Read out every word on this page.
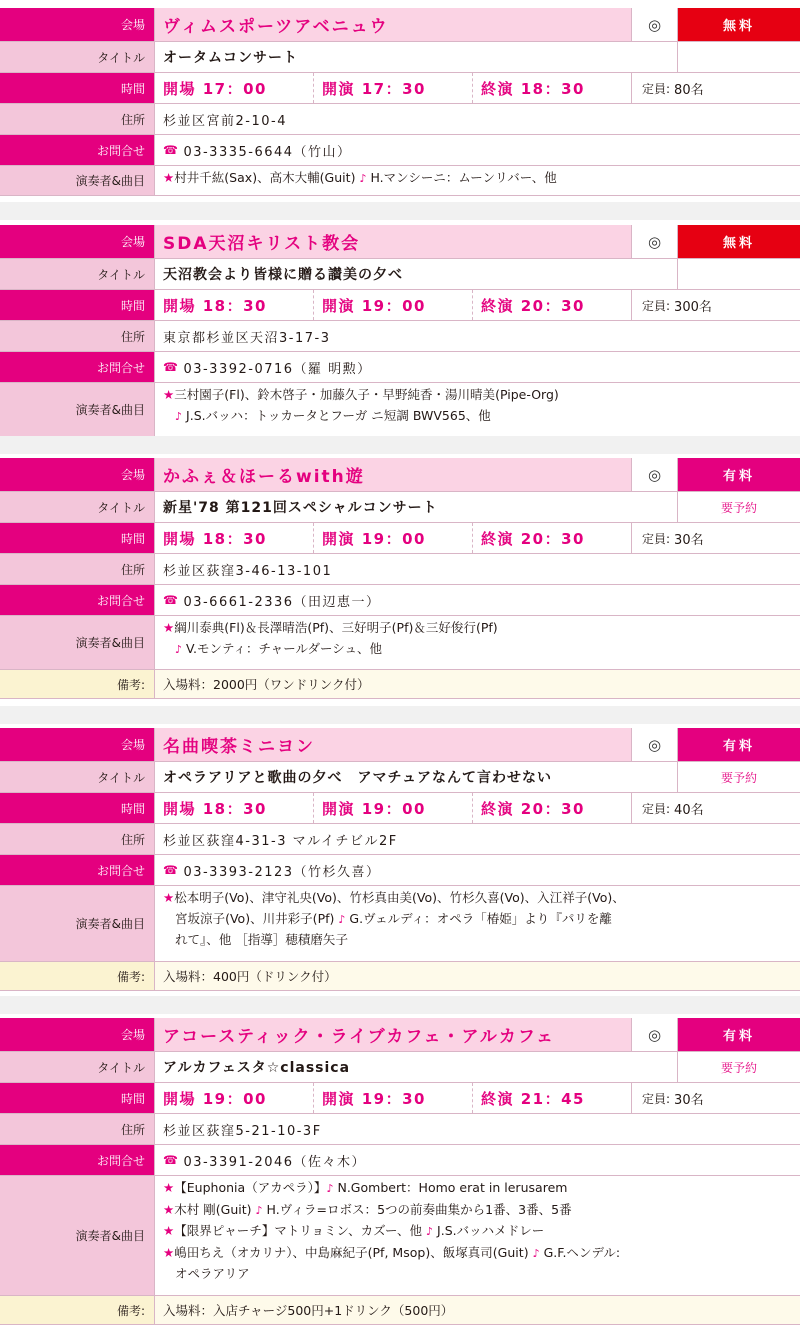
会場	ヴィムスポーツアベニュウ	◎	無料
タイトル	オータムコンサート
時間	開場 17：00	開演 17：30	終演 18：30	定員: 80名
住所	杉並区宮前2-10-4
お問合せ	☎ 03-3335-6644（竹山）
演奏者&曲目	★村井千紘(Sax)、高木大輔(Guit) ♪ H.マンシーニ：ムーンリバー、他
会場	SDA天沼キリスト教会	◎	無料
タイトル	天沼教会より皆様に贈る讃美の夕べ
時間	開場 18：30	開演 19：00	終演 20：30	定員: 300名
住所	東京都杉並区天沼3-17-3
お問合せ	☎ 03-3392-0716（羅 明勲）
演奏者&曲目
★三村園子(Fl)、鈴木啓子・加藤久子・早野純香・湯川晴美(Pipe-Org)
♪ J.S.バッハ：トッカータとフーガ ニ短調 BWV565、他
会場	かふぇ＆ほーるwith遊	◎	有料
タイトル	新星'78 第121回スペシャルコンサート	要予約
時間	開場 18：30	開演 19：00	終演 20：30	定員: 30名
住所	杉並区荻窪3-46-13-101
お問合せ	☎ 03-6661-2336（田辺恵一）
演奏者&曲目
★綱川泰典(Fl)＆長澤晴浩(Pf)、三好明子(Pf)＆三好俊行(Pf)
♪ V.モンティ：チャールダーシュ、他
備考:	入場料：2000円（ワンドリンク付）
会場	名曲喫茶ミニヨン	◎	有料
タイトル	オペラアリアと歌曲の夕べ　アマチュアなんて言わせない	要予約
時間	開場 18：30	開演 19：00	終演 20：30	定員: 40名
住所	杉並区荻窪4-31-3 マルイチビル2F
お問合せ	☎ 03-3393-2123（竹杉久喜）
演奏者&曲目
★松本明子(Vo)、津守礼央(Vo)、竹杉真由美(Vo)、竹杉久喜(Vo)、入江祥子(Vo)、
宮坂涼子(Vo)、川井彩子(Pf) ♪ G.ヴェルディ：オペラ「椿姫」より『パリを離
れて』、他 ［指導］穂積磨矢子
備考:	入場料：400円（ドリンク付）
会場	アコースティック・ライブカフェ・アルカフェ	◎	有料
タイトル	アルカフェスタ☆classica	要予約
時間	開場 19：00	開演 19：30	終演 21：45	定員: 30名
住所	杉並区荻窪5-21-10-3F
お問合せ	☎ 03-3391-2046（佐々木）
演奏者&曲目
★【Euphonia（アカペラ）】♪ N.Gombert：Homo erat in lerusarem
★木村 剛(Guit) ♪ H.ヴィラ=ロボス：5つの前奏曲集から1番、3番、5番
★【限界ピャーチ】マトリョミン、カズー、他 ♪ J.S.バッハメドレー
★嶋田ちえ（オカリナ）、中島麻紀子(Pf, Msop)、飯塚真司(Guit) ♪ G.F.ヘンデル:
オペラアリア
備考:	入場料：入店チャージ500円+1ドリンク（500円）
